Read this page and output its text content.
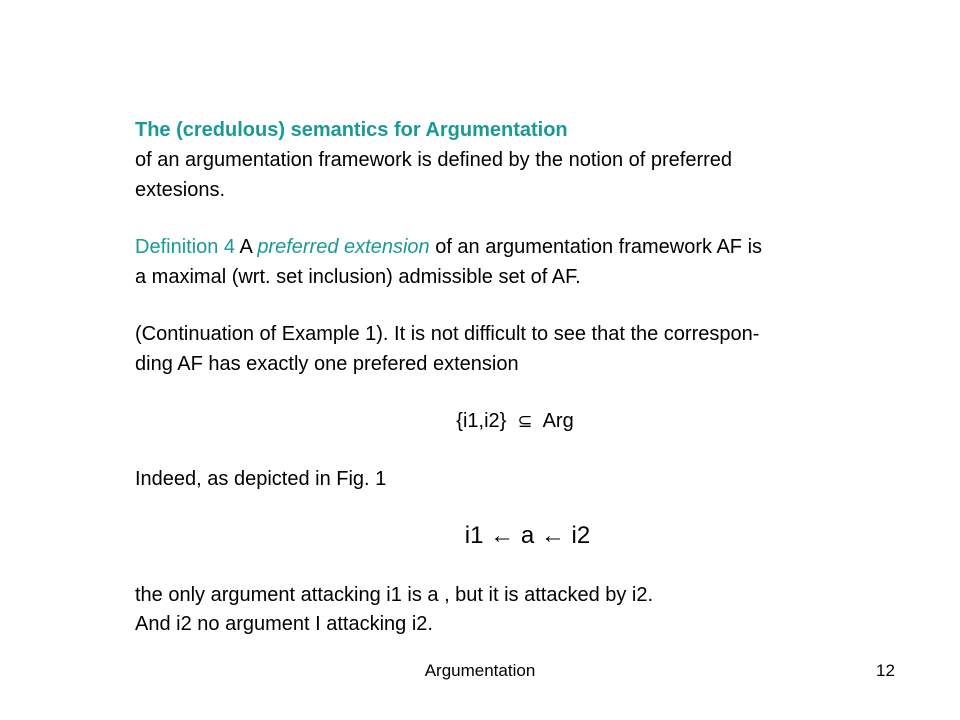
The (credulous) semantics for Argumentation
of an argumentation framework is defined by the notion of preferred
extesions.
Definition 4 A preferred extension of an argumentation framework AF is
a maximal (wrt. set inclusion) admissible set of AF.
(Continuation of Example 1). It is not difficult to see that the correspon-
ding AF has exactly one prefered extension
{i1,i2} ⊆ Arg
Indeed, as depicted in Fig. 1
i1 ← a ← i2
the only argument attacking i1 is a , but it is attacked by i2.
And i2 no argument I attacking i2.
Argumentation	12
